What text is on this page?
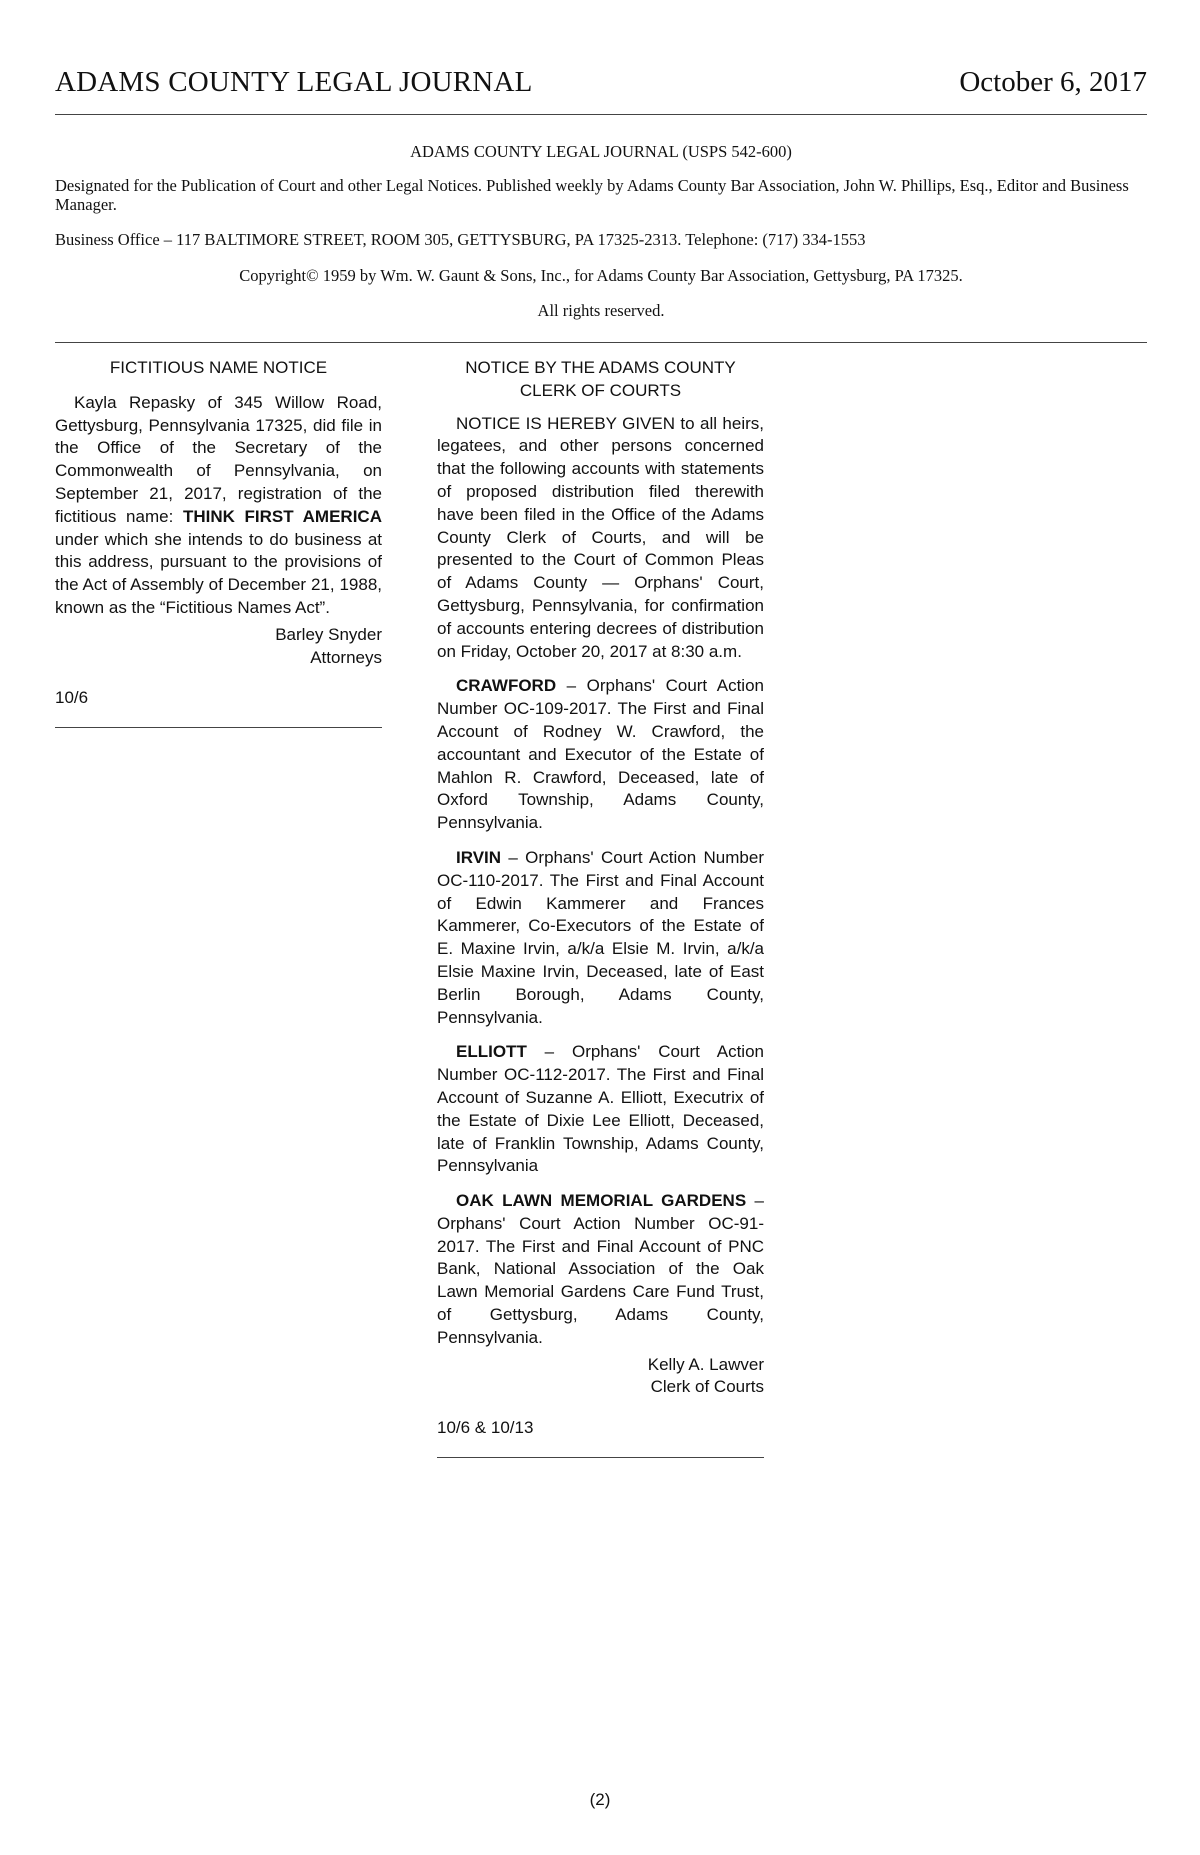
ADAMS COUNTY LEGAL JOURNAL	October 6, 2017
ADAMS COUNTY LEGAL JOURNAL (USPS 542-600)
Designated for the Publication of Court and other Legal Notices. Published weekly by Adams County Bar Association, John W. Phillips, Esq., Editor and Business Manager.
Business Office – 117 BALTIMORE STREET, ROOM 305, GETTYSBURG, PA 17325-2313. Telephone: (717) 334-1553
Copyright© 1959 by Wm. W. Gaunt & Sons, Inc., for Adams County Bar Association, Gettysburg, PA 17325.
All rights reserved.
FICTITIOUS NAME NOTICE

Kayla Repasky of 345 Willow Road, Gettysburg, Pennsylvania 17325, did file in the Office of the Secretary of the Commonwealth of Pennsylvania, on September 21, 2017, registration of the fictitious name: THINK FIRST AMERICA under which she intends to do business at this address, pursuant to the provisions of the Act of Assembly of December 21, 1988, known as the “Fictitious Names Act”.

Barley Snyder

Attorneys

10/6
NOTICE BY THE ADAMS COUNTY
CLERK OF COURTS

NOTICE IS HEREBY GIVEN to all heirs, legatees, and other persons concerned that the following accounts with statements of proposed distribution filed therewith have been filed in the Office of the Adams County Clerk of Courts, and will be presented to the Court of Common Pleas of Adams County — Orphans' Court, Gettysburg, Pennsylvania, for confirmation of accounts entering decrees of distribution on Friday, October 20, 2017 at 8:30 a.m.

CRAWFORD – Orphans' Court Action Number OC-109-2017. The First and Final Account of Rodney W. Crawford, the accountant and Executor of the Estate of Mahlon R. Crawford, Deceased, late of Oxford Township, Adams County, Pennsylvania.

IRVIN – Orphans' Court Action Number OC-110-2017. The First and Final Account of Edwin Kammerer and Frances Kammerer, Co-Executors of the Estate of E. Maxine Irvin, a/k/a Elsie M. Irvin, a/k/a Elsie Maxine Irvin, Deceased, late of East Berlin Borough, Adams County, Pennsylvania.

ELLIOTT – Orphans' Court Action Number OC-112-2017. The First and Final Account of Suzanne A. Elliott, Executrix of the Estate of Dixie Lee Elliott, Deceased, late of Franklin Township, Adams County, Pennsylvania

OAK LAWN MEMORIAL GARDENS – Orphans' Court Action Number OC-91-2017. The First and Final Account of PNC Bank, National Association of the Oak Lawn Memorial Gardens Care Fund Trust, of Gettysburg, Adams County, Pennsylvania.

Kelly A. Lawver

Clerk of Courts

10/6 & 10/13
(2)
